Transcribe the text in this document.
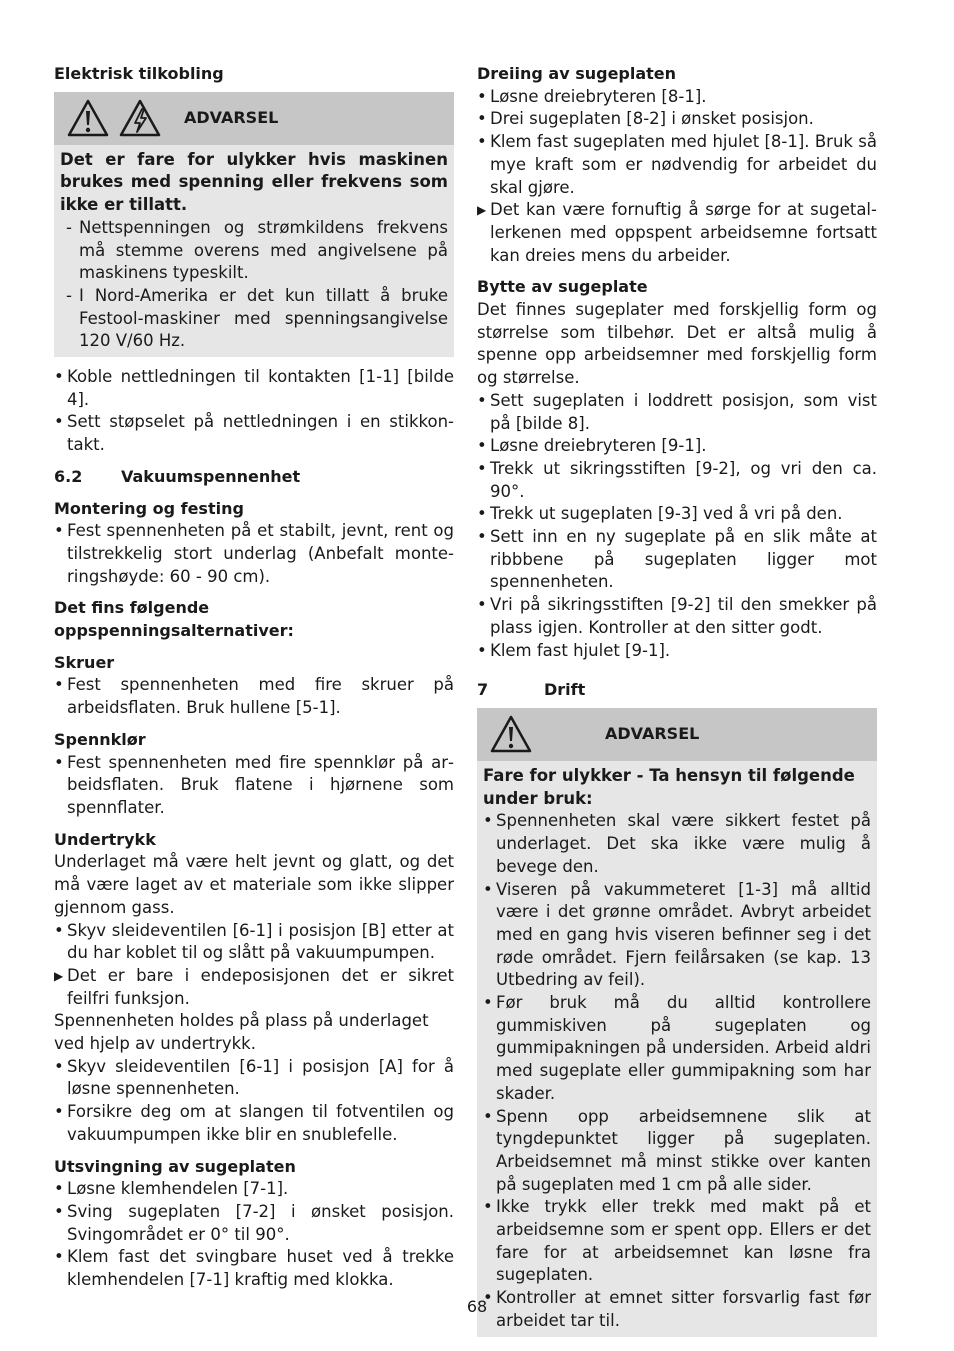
Elektrisk tilkobling
ADVARSEL

Det er fare for ulykker hvis maskinen brukes med spenning eller frekvens som ikke er tillatt.

- Nettspenningen og strømkildens frekvens må stemme overens med angivelsene på maskinens typeskilt.
- I Nord-Amerika er det kun tillatt å bruke Festool-maskiner med spenningsangivelse 120 V/60 Hz.
• Koble nettledningen til kontakten [1-1] [bilde 4].
• Sett støpselet på nettledningen i en stikkontakt.
6.2	Vakuumspennenhet
Montering og festing
• Fest spennenheten på et stabilt, jevnt, rent og tilstrekkelig stort underlag (Anbefalt monteringshøyde: 60 - 90 cm).
Det fins følgende oppspenningsalternativer:
Skruer
• Fest spennenheten med fire skruer på arbeidsflaten. Bruk hullene [5-1].
Spennklør
• Fest spennenheten med fire spennklør på arbeidsflaten. Bruk flatene i hjørnene som spennflater.
Undertrykk

Underlaget må være helt jevnt og glatt, og det må være laget av et materiale som ikke slipper gjennom gass.

• Skyv sleideventilen [6-1] i posisjon [B] etter at du har koblet til og slått på vakuumpumpen.
▶ Det er bare i endeposisjonen det er sikret feilfri funksjon.

Spennenheten holdes på plass på underlaget ved hjelp av undertrykk.

• Skyv sleideventilen [6-1] i posisjon [A] for å løsne spennenheten.
• Forsikre deg om at slangen til fotventilen og vakuumpumpen ikke blir en snublefelle.
Utsvingning av sugeplaten
• Løsne klemhendelen [7-1].
• Sving sugeplaten [7-2] i ønsket posisjon. Svingområdet er 0° til 90°.
• Klem fast det svingbare huset ved å trekke klemhendelen [7-1] kraftig med klokka.
Dreiing av sugeplaten
• Løsne dreiebryteren [8-1].
• Drei sugeplaten [8-2] i ønsket posisjon.
• Klem fast sugeplaten med hjulet [8-1]. Bruk så mye kraft som er nødvendig for arbeidet du skal gjøre.
▶ Det kan være fornuftig å sørge for at sugetallerkenen med oppspent arbeidsemne fortsatt kan dreies mens du arbeider.
Bytte av sugeplate

Det finnes sugeplater med forskjellig form og størrelse som tilbehør. Det er altså mulig å spenne opp arbeidsemner med forskjellig form og størrelse.

• Sett sugeplaten i loddrett posisjon, som vist på [bilde 8].
• Løsne dreiebryteren [9-1].
• Trekk ut sikringsstiften [9-2], og vri den ca. 90°.
• Trekk ut sugeplaten [9-3] ved å vri på den.
• Sett inn en ny sugeplate på en slik måte at ribbbene på sugeplaten ligger mot spennenheten.
• Vri på sikringsstiften [9-2] til den smekker på plass igjen. Kontroller at den sitter godt.
• Klem fast hjulet [9-1].
7	Drift
ADVARSEL

Fare for ulykker - Ta hensyn til følgende under bruk:

• Spennenheten skal være sikkert festet på underlaget. Det ska ikke være mulig å bevege den.
• Viseren på vakummeteret [1-3] må alltid være i det grønne området. Avbryt arbeidet med en gang hvis viseren befinner seg i det røde området. Fjern feilårsaken (se kap. 13 Utbedring av feil).
• Før bruk må du alltid kontrollere gummiskiven på sugeplaten og gummipakningen på undersiden. Arbeid aldri med sugeplate eller gummipakning som har skader.
• Spenn opp arbeidsemnene slik at tyngdepunktet ligger på sugeplaten. Arbeidsemnet må minst stikke over kanten på sugeplaten med 1 cm på alle sider.
• Ikke trykk eller trekk med makt på et arbeidsemne som er spent opp. Ellers er det fare for at arbeidsemnet kan løsne fra sugeplaten.
• Kontroller at emnet sitter forsvarlig fast før arbeidet tar til.
68
